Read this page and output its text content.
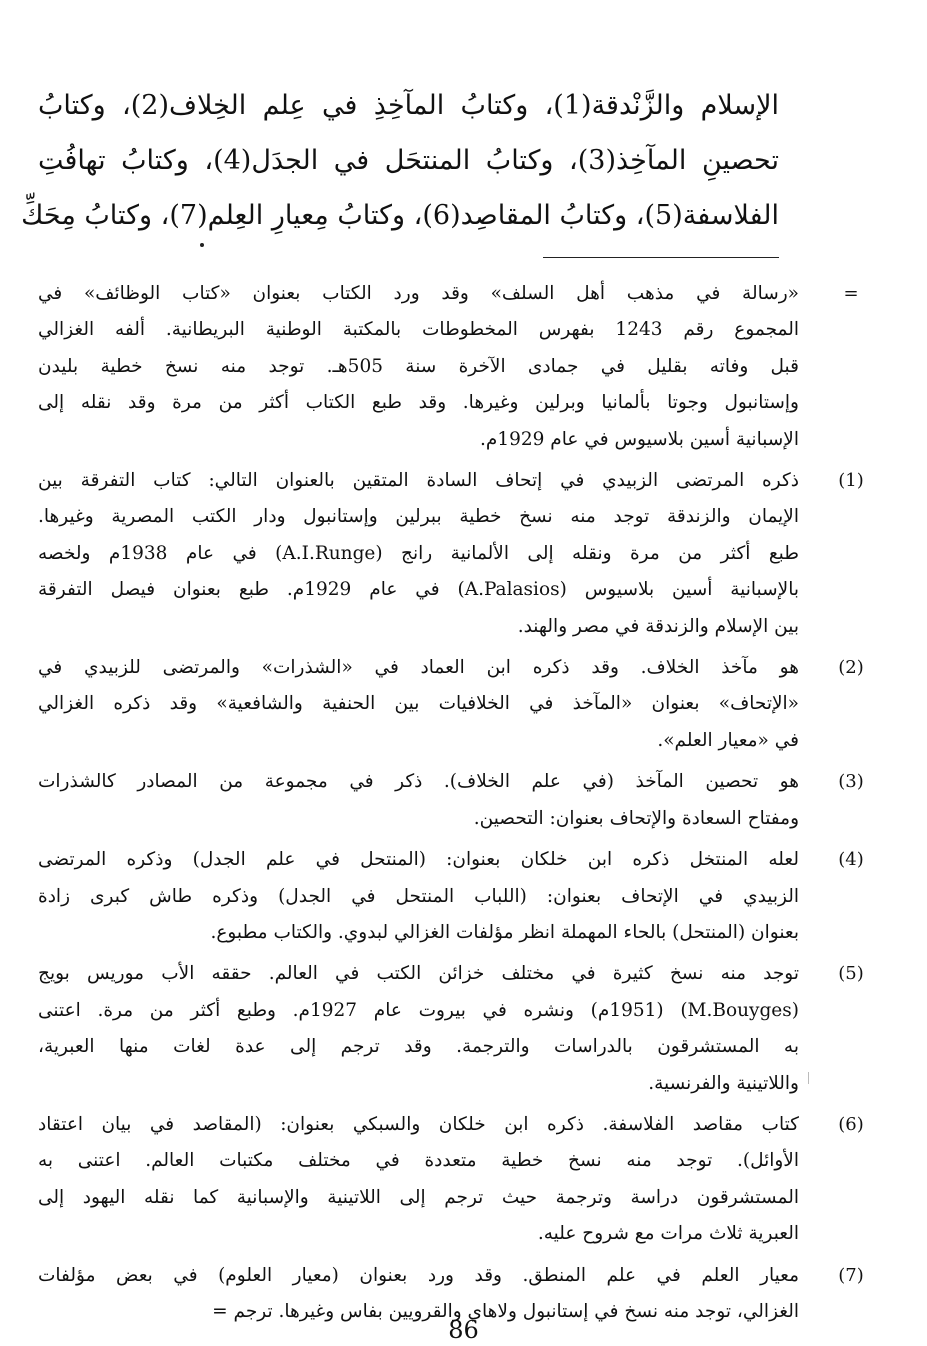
الإسلام والزَّنْدقة(1)، وكتابُ المآخِذِ في عِلم الخِلاف(2)، وكتابُ
تحصينِ المآخِذ(3)، وكتابُ المنتحَل في الجدَل(4)، وكتابُ تهافُتِ
الفلاسفة(5)، وكتابُ المقاصِد(6)، وكتابُ مِعيارِ العِلم(7)، وكتابُ مِحَكِّ
=
«رسالة في مذهب أهل السلف» وقد ورد الكتاب بعنوان «كتاب الوظائف» في
المجموع رقم 1243 بفهرس المخطوطات بالمكتبة الوطنية البريطانية. ألفه الغزالي
قبل وفاته بقليل في جمادى الآخرة سنة 505هـ. توجد منه نسخ خطية بليدن
وإستانبول وجوتا بألمانيا وبرلين وغيرها. وقد طبع الكتاب أكثر من مرة وقد نقله إلى
الإسبانية أسين بلاسيوس في عام 1929م.
(1)
ذكره المرتضى الزبيدي في إتحاف السادة المتقين بالعنوان التالي: كتاب التفرقة بين
الإيمان والزندقة توجد منه نسخ خطية ببرلين وإستانبول ودار الكتب المصرية وغيرها.
طبع أكثر من مرة ونقله إلى الألمانية رانج (A.I.Runge) في عام 1938م ولخصه
بالإسبانية أسين بلاسيوس (A.Palasios) في عام 1929م. طبع بعنوان فيصل التفرقة
بين الإسلام والزندقة في مصر والهند.
(2)
هو مآخذ الخلاف. وقد ذكره ابن العماد في «الشذرات» والمرتضى للزبيدي في
«الإتحاف» بعنوان «المآخذ في الخلافيات بين الحنفية والشافعية» وقد ذكره الغزالي
في «معيار العلم».
(3)
هو تحصين المآخذ (في علم الخلاف). ذكر في مجموعة من المصادر كالشذرات
ومفتاح السعادة والإتحاف بعنوان: التحصين.
(4)
لعله المنتخل ذكره ابن خلكان بعنوان: (المنتحل في علم الجدل) وذكره المرتضى
الزبيدي في الإتحاف بعنوان: (اللباب المنتحل في الجدل) وذكره طاش كبرى زادة
بعنوان (المنتحل) بالحاء المهملة انظر مؤلفات الغزالي لبدوي. والكتاب مطبوع.
(5)
توجد منه نسخ كثيرة في مختلف خزائن الكتب في العالم. حققه الأب موريس بويج
(M.Bouyges) (1951م) ونشره في بيروت عام 1927م. وطبع أكثر من مرة. اعتنى
به المستشرقون بالدراسات والترجمة. وقد ترجم إلى عدة لغات منها العبرية،
واللاتينية والفرنسية.
(6)
كتاب مقاصد الفلاسفة. ذكره ابن خلكان والسبكي بعنوان: (المقاصد في بيان اعتقاد
الأوائل). توجد منه نسخ خطية متعددة في مختلف مكتبات العالم. اعتنى به
المستشرقون دراسة وترجمة حيث ترجم إلى اللاتينية والإسبانية كما نقله اليهود إلى
العبرية ثلاث مرات مع شروح عليه.
(7)
معيار العلم في علم المنطق. وقد ورد بعنوان (معيار العلوم) في بعض مؤلفات
الغزالي، توجد منه نسخ في إستانبول ولاهاي والقرويين بفاس وغيرها. ترجم =
86
